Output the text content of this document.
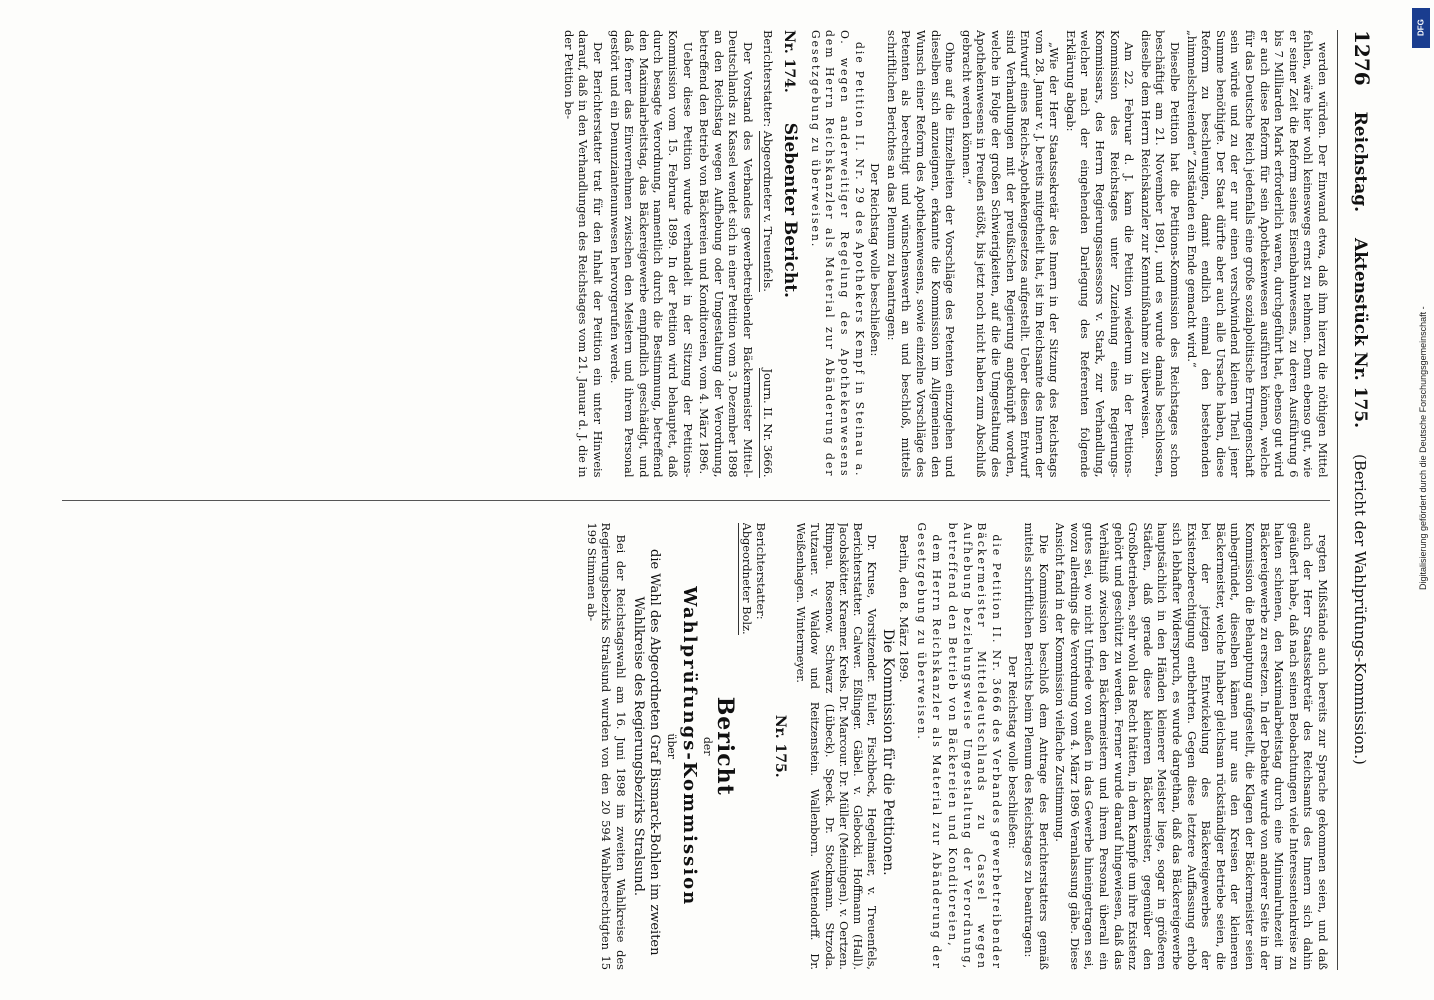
1276
Reichstag.
Aktenstück Nr. 175.
(Bericht der Wahlprüfungs-Kommission.)

werden würden. Der Einwand etwa, daß ihm hierzu die nöthigen Mittel fehlen, wäre hier wohl keineswegs ernst zu nehmen. Denn ebenso gut, wie er seiner Zeit die Reform seines Eisenbahnwesens, zu deren Ausführung 6 bis 7 Milliarden Mark erforderlich waren, durchgeführt hat, ebenso gut wird er auch diese Reform für sein Apothekenwesen ausführen können, welche für das Deutsche Reich jedenfalls eine große sozialpolitische Errungenschaft sein würde und zu der er nur einen verschwindend kleinen Theil jener Summe benöthigte. Der Staat dürfte aber auch alle Ursache haben, diese Reform zu beschleunigen, damit endlich einmal den bestehenden „himmelschreienden“ Zuständen ein Ende gemacht wird.“

Dieselbe Petition hat die Petitions-Kommission des Reichstages schon beschäftigt am 21. November 1891, und es wurde damals beschlossen, dieselbe dem Herrn Reichskanzler zur Kenntnißnahme zu überweisen.

Am 22. Februar d. J. kam die Petition wiederum in der Petitions-Kommission des Reichstages unter Zuziehung eines Regierungs-Kommissars, des Herrn Regierungsassessors v. Stark, zur Verhandlung, welcher nach der eingehenden Darlegung des Referenten folgende Erklärung abgab:

„Wie der Herr Staatssekretär des Innern in der Sitzung des Reichstags vom 28. Januar v. J. bereits mitgetheilt hat, ist im Reichsamte des Innern der Entwurf eines Reichs-Apothekengesetzes aufgestellt. Ueber diesen Entwurf sind Verhandlungen mit der preußischen Regierung angeknüpft worden, welche in Folge der großen Schwierigkeiten, auf die die Umgestaltung des Apothekenwesens in Preußen stößt, bis jetzt noch nicht haben zum Abschluß gebracht werden können.“

Ohne auf die Einzelheiten der Vorschläge des Petenten einzugehen und dieselben sich anzueignen, erkannte die Kommission im Allgemeinen den Wunsch einer Reform des Apothekenwesens, sowie einzelne Vorschläge des Petenten als berechtigt und wünschenswerth an und beschloß, mittels schriftlichen Berichtes an das Plenum zu beantragen:

Der Reichstag wolle beschließen:

die Petition II. Nr. 29 des Apothekers Kempf in Steinau a. O. wegen anderweitiger Regelung des Apothekenwesens dem Herrn Reichskanzler als Material zur Abänderung der Gesetzgebung zu überweisen.

Nr. 174.
Siebenter Bericht.
Berichterstatter: Abgeordneter v. Treuenfels.
Journ. II. Nr. 3666.

Der Vorstand des Verbandes gewerbetreibender Bäckermeister Mittel-Deutschlands zu Kassel wendet sich in einer Petition vom 3. Dezember 1898 an den Reichstag wegen Aufhebung oder Umgestaltung der Verordnung, betreffend den Betrieb von Bäckereien und Konditoreien, vom 4. März 1896.

Ueber diese Petition wurde verhandelt in der Sitzung der Petitions-Kommission vom 15. Februar 1899. In der Petition wird behauptet, daß durch besagte Verordnung, namentlich durch die Bestimmung, betreffend den Maximalarbeitstag, das Bäckereigewerbe empfindlich geschädigt, und daß ferner das Einvernehmen zwischen den Meistern und ihrem Personal gestört und ein Denunziantenunwesen hervorgerufen werde.

Der Berichterstatter trat für den Inhalt der Petition ein unter Hinweis darauf, daß in den Verhandlungen des Reichstages vom 21. Januar d. J. die in der Petition be-

regten Mißstände auch bereits zur Sprache gekommen seien, und daß auch der Herr Staatssekretär des Reichsamts des Innern sich dahin geäußert habe, daß nach seinen Beobachtungen viele Interessentenkreise zu halten schienen, den Maximalarbeitstag durch eine Minimalruhezeit im Bäckereigewerbe zu ersetzen. In der Debatte wurde von anderer Seite in der Kommission die Behauptung aufgestellt, die Klagen der Bäckermeister seien unbegründet, dieselben kämen nur aus den Kreisen der kleineren Bäckermeister, welche Inhaber gleichsam rückständiger Betriebe seien, die bei der jetzigen Entwickelung des Bäckereigewerbes der Existenzberechtigung entbehrten. Gegen diese letztere Auffassung erhob sich lebhafter Widerspruch, es wurde dargethan, daß das Bäckereigewerbe hauptsächlich in den Händen kleinerer Meister liege, sogar in größeren Städten, daß gerade diese kleineren Bäckermeister, gegenüber den Großbetrieben, sehr wohl das Recht hätten, in dem Kampfe um ihre Existenz gehört und geschützt zu werden. Ferner wurde darauf hingewiesen, daß das Verhältniß zwischen den Bäckermeistern und ihrem Personal überall ein gutes sei, wo nicht Unfriede von außen in das Gewerbe hineingetragen sei, wozu allerdings die Verordnung vom 4. März 1896 Veranlassung gäbe. Diese Ansicht fand in der Kommission vielfache Zustimmung.

Die Kommission beschloß dem Antrage des Berichterstatters gemäß mittels schriftlichen Berichts beim Plenum des Reichstages zu beantragen:

Der Reichstag wolle beschließen:

die Petition II. Nr. 3666 des Verbandes gewerbetreibender Bäckermeister Mitteldeutschlands zu Cassel wegen Aufhebung beziehungsweise Umgestaltung der Verordnung, betreffend den Betrieb von Bäckereien und Konditoreien,

dem Herrn Reichskanzler als Material zur Abänderung der Gesetzgebung zu überweisen.

Berlin, den 8. März 1899.

Die Kommission für die Petitionen.

Dr. Kruse, Vorsitzender. Euler, Fischbeck, Hegelmaier, v. Treuenfels, Berichterstatter. Calwer. Eßlinger. Gäbel. v. Glebocki. Hoffmann (Hall). Jacobskötter. Kraemer. Krebs. Dr. Marcour. Dr. Müller (Meiningen). v. Oertzen. Rimpau. Rosenow. Schwarz (Lübeck). Speck. Dr. Stockmann. Strzoda. Tutzauer. v. Waldow und Reitzenstein. Wallenborn. Wattendorff. Dr. Weißenhagen. Wintermeyer.

Nr. 175.
Berichterstatter:
Abgeordneter Bolz.
Bericht
der
Wahlprüfungs-Kommission
über

die Wahl des Abgeordneten Graf Bismarck-Bohlen im zweiten Wahlkreise des Regierungsbezirks Stralsund.

Bei der Reichstagswahl am 16. Juni 1898 im zweiten Wahlkreise des Regierungsbezirks Stralsund wurden von den 20 594 Wahlberechtigten 15 199 Stimmen ab-

DFG
Digitalisierung gefördert durch die Deutsche Forschungsgemeinschaft -
